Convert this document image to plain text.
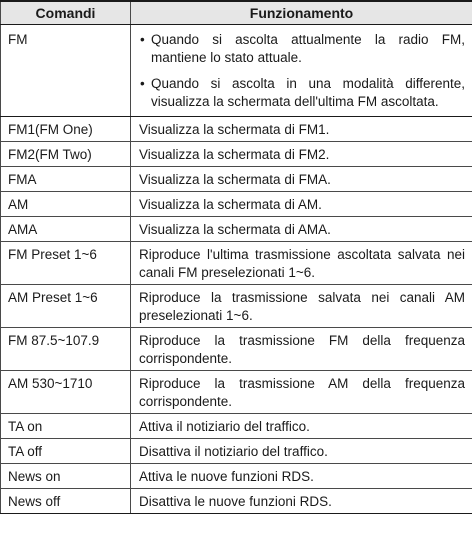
Comandi	Funzionamento
FM	• Quando si ascolta attualmente la radio FM, mantiene lo stato attuale.
• Quando si ascolta in una modalità differente, visualizza la schermata dell'ultima FM ascoltata.

FM1(FM One)	Visualizza la schermata di FM1.
FM2(FM Two)	Visualizza la schermata di FM2.
FMA	Visualizza la schermata di FMA.
AM	Visualizza la schermata di AM.
AMA	Visualizza la schermata di AMA.
FM Preset 1~6	Riproduce l'ultima trasmissione ascoltata salvata nei canali FM preselezionati 1~6.
AM Preset 1~6	Riproduce la trasmissione salvata nei canali AM preselezionati 1~6.
FM 87.5~107.9	Riproduce la trasmissione FM della frequenza corrispondente.
AM 530~1710	Riproduce la trasmissione AM della frequenza corrispondente.
TA on	Attiva il notiziario del traffico.
TA off	Disattiva il notiziario del traffico.
News on	Attiva le nuove funzioni RDS.
News off	Disattiva le nuove funzioni RDS.
